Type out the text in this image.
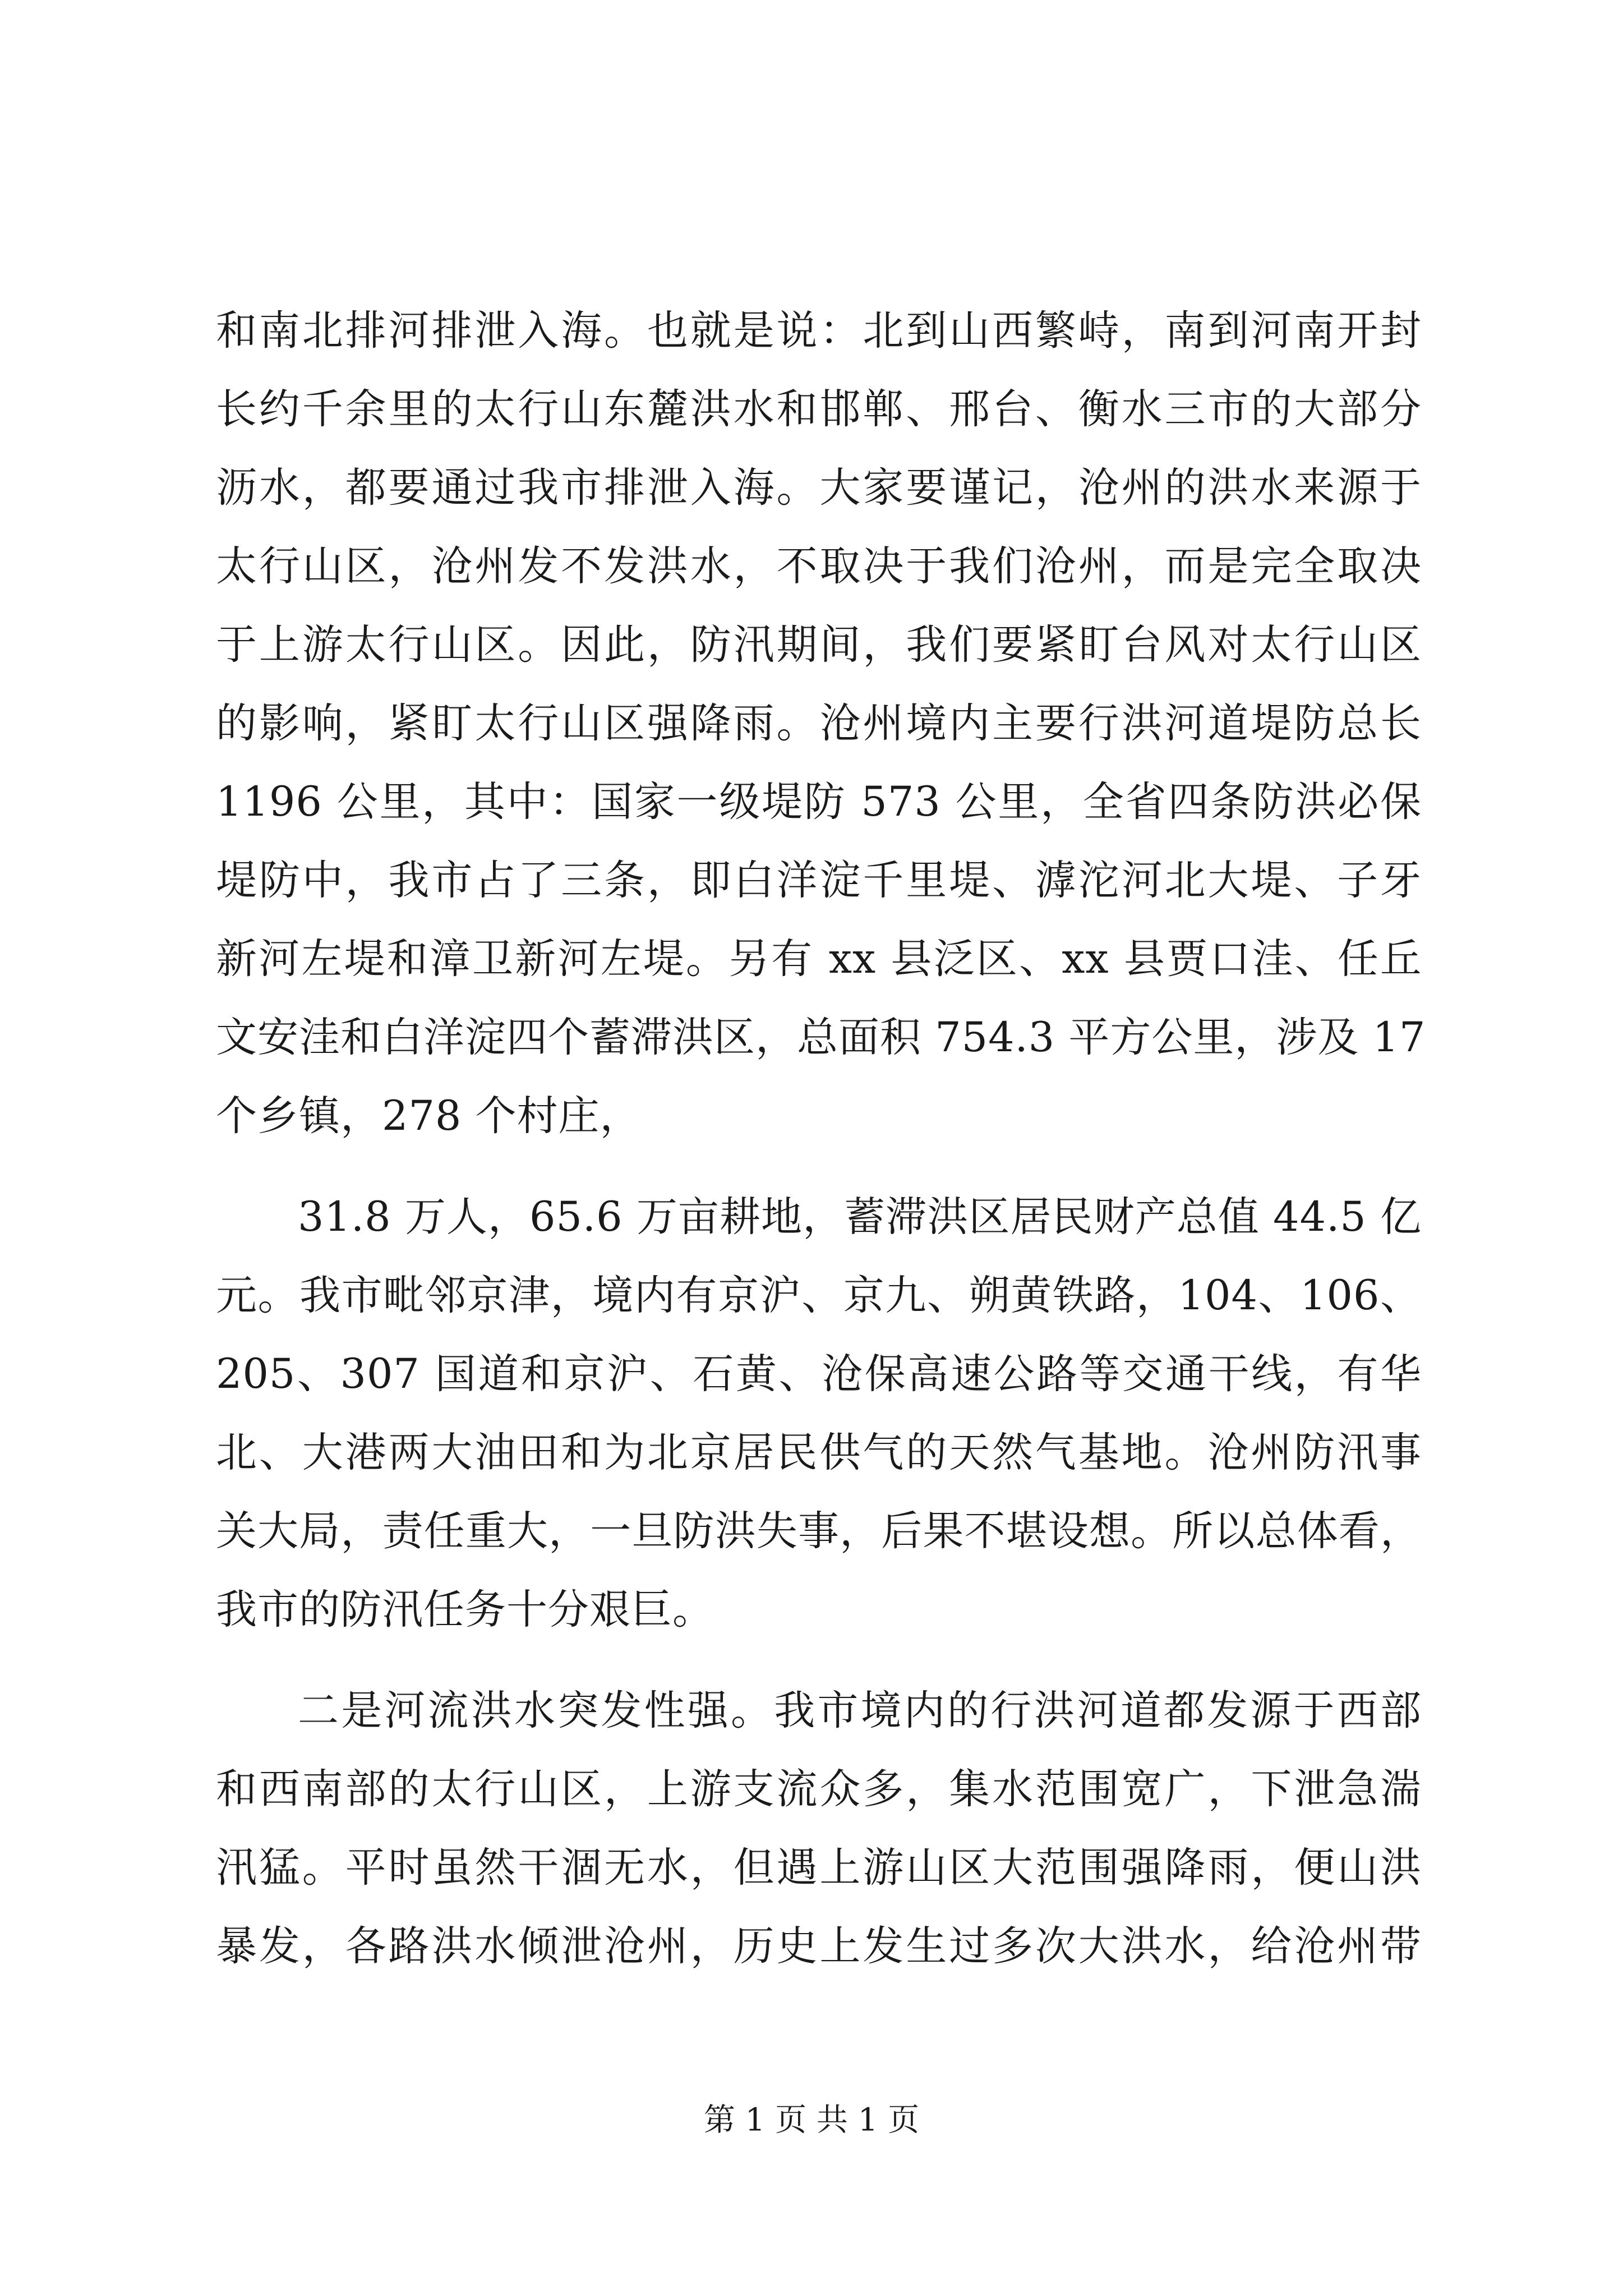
和南北排河排泄入海。也就是说：北到山西繁峙，南到河南开封
长约千余里的太行山东麓洪水和邯郸、邢台、衡水三市的大部分
沥水，都要通过我市排泄入海。大家要谨记，沧州的洪水来源于
太行山区，沧州发不发洪水，不取决于我们沧州，而是完全取决
于上游太行山区。因此，防汛期间，我们要紧盯台风对太行山区
的影响，紧盯太行山区强降雨。沧州境内主要行洪河道堤防总长
1196 公里，其中：国家一级堤防 573 公里，全省四条防洪必保
堤防中，我市占了三条，即白洋淀千里堤、滹沱河北大堤、子牙
新河左堤和漳卫新河左堤。另有 xx 县泛区、xx 县贾口洼、任丘
文安洼和白洋淀四个蓄滞洪区，总面积 754.3 平方公里，涉及 17
个乡镇，278 个村庄，
31.8 万人，65.6 万亩耕地，蓄滞洪区居民财产总值 44.5 亿
元。我市毗邻京津，境内有京沪、京九、朔黄铁路，104、106、
205、307 国道和京沪、石黄、沧保高速公路等交通干线，有华
北、大港两大油田和为北京居民供气的天然气基地。沧州防汛事
关大局，责任重大，一旦防洪失事，后果不堪设想。所以总体看，
我市的防汛任务十分艰巨。
二是河流洪水突发性强。我市境内的行洪河道都发源于西部
和西南部的太行山区，上游支流众多，集水范围宽广，下泄急湍
汛猛。平时虽然干涸无水，但遇上游山区大范围强降雨，便山洪
暴发，各路洪水倾泄沧州，历史上发生过多次大洪水，给沧州带
第 1 页 共 1 页
